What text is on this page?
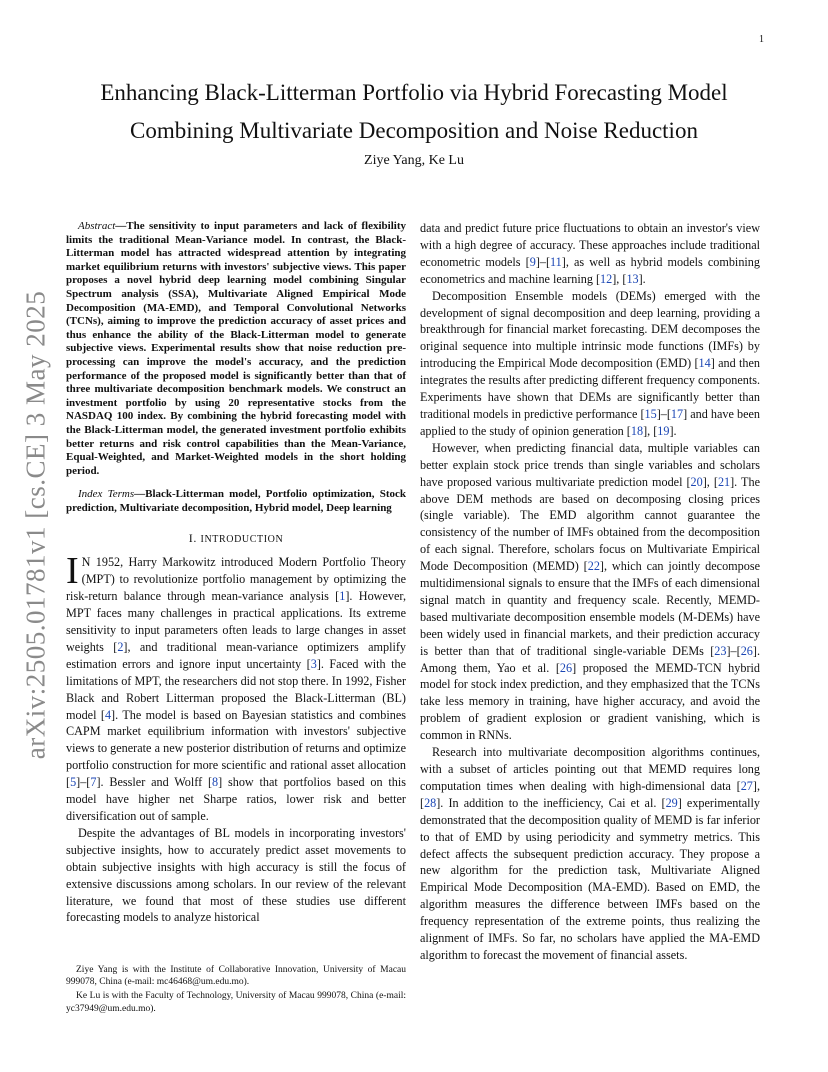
1
arXiv:2505.01781v1 [cs.CE] 3 May 2025
Enhancing Black-Litterman Portfolio via Hybrid Forecasting Model
Combining Multivariate Decomposition and Noise Reduction
Ziye Yang, Ke Lu

Abstract—The sensitivity to input parameters and lack of flexibility limits the traditional Mean-Variance model. In contrast, the Black-Litterman model has attracted widespread attention by integrating market equilibrium returns with investors' subjective views. This paper proposes a novel hybrid deep learning model combining Singular Spectrum analysis (SSA), Multivariate Aligned Empirical Mode Decomposition (MA-EMD), and Temporal Convolutional Networks (TCNs), aiming to improve the prediction accuracy of asset prices and thus enhance the ability of the Black-Litterman model to generate subjective views. Experimental results show that noise reduction pre-processing can improve the model's accuracy, and the prediction performance of the proposed model is significantly better than that of three multivariate decomposition benchmark models. We construct an investment portfolio by using 20 representative stocks from the NASDAQ 100 index. By combining the hybrid forecasting model with the Black-Litterman model, the generated investment portfolio exhibits better returns and risk control capabilities than the Mean-Variance, Equal-Weighted, and Market-Weighted models in the short holding period.

Index Terms—Black-Litterman model, Portfolio optimization, Stock prediction, Multivariate decomposition, Hybrid model, Deep learning

I. INTRODUCTION

I N 1952, Harry Markowitz introduced Modern Portfolio Theory (MPT) to revolutionize portfolio management by optimizing the risk-return balance through mean-variance analysis [1]. However, MPT faces many challenges in practical applications. Its extreme sensitivity to input parameters often leads to large changes in asset weights [2], and traditional mean-variance optimizers amplify estimation errors and ignore input uncertainty [3]. Faced with the limitations of MPT, the researchers did not stop there. In 1992, Fisher Black and Robert Litterman proposed the Black-Litterman (BL) model [4]. The model is based on Bayesian statistics and combines CAPM market equilibrium information with investors' subjective views to generate a new posterior distribution of returns and optimize portfolio construction for more scientific and rational asset allocation [5]–[7]. Bessler and Wolff [8] show that portfolios based on this model have higher net Sharpe ratios, lower risk and better diversification out of sample.

Despite the advantages of BL models in incorporating investors' subjective insights, how to accurately predict asset movements to obtain subjective insights with high accuracy is still the focus of extensive discussions among scholars. In our review of the relevant literature, we found that most of these studies use different forecasting models to analyze historical

Ziye Yang is with the Institute of Collaborative Innovation, University of Macau 999078, China (e-mail: mc46468@um.edu.mo).

Ke Lu is with the Faculty of Technology, University of Macau 999078, China (e-mail: yc37949@um.edu.mo).

data and predict future price fluctuations to obtain an investor's view with a high degree of accuracy. These approaches include traditional econometric models [9]–[11], as well as hybrid models combining econometrics and machine learning [12], [13].

Decomposition Ensemble models (DEMs) emerged with the development of signal decomposition and deep learning, providing a breakthrough for financial market forecasting. DEM decomposes the original sequence into multiple intrinsic mode functions (IMFs) by introducing the Empirical Mode decomposition (EMD) [14] and then integrates the results after predicting different frequency components. Experiments have shown that DEMs are significantly better than traditional models in predictive performance [15]–[17] and have been applied to the study of opinion generation [18], [19].

However, when predicting financial data, multiple variables can better explain stock price trends than single variables and scholars have proposed various multivariate prediction model [20], [21]. The above DEM methods are based on decomposing closing prices (single variable). The EMD algorithm cannot guarantee the consistency of the number of IMFs obtained from the decomposition of each signal. Therefore, scholars focus on Multivariate Empirical Mode Decomposition (MEMD) [22], which can jointly decompose multidimensional signals to ensure that the IMFs of each dimensional signal match in quantity and frequency scale. Recently, MEMD-based multivariate decomposition ensemble models (M-DEMs) have been widely used in financial markets, and their prediction accuracy is better than that of traditional single-variable DEMs [23]–[26]. Among them, Yao et al. [26] proposed the MEMD-TCN hybrid model for stock index prediction, and they emphasized that the TCNs take less memory in training, have higher accuracy, and avoid the problem of gradient explosion or gradient vanishing, which is common in RNNs.

Research into multivariate decomposition algorithms continues, with a subset of articles pointing out that MEMD requires long computation times when dealing with high-dimensional data [27], [28]. In addition to the inefficiency, Cai et al. [29] experimentally demonstrated that the decomposition quality of MEMD is far inferior to that of EMD by using periodicity and symmetry metrics. This defect affects the subsequent prediction accuracy. They propose a new algorithm for the prediction task, Multivariate Aligned Empirical Mode Decomposition (MA-EMD). Based on EMD, the algorithm measures the difference between IMFs based on the frequency representation of the extreme points, thus realizing the alignment of IMFs. So far, no scholars have applied the MA-EMD algorithm to forecast the movement of financial assets.
